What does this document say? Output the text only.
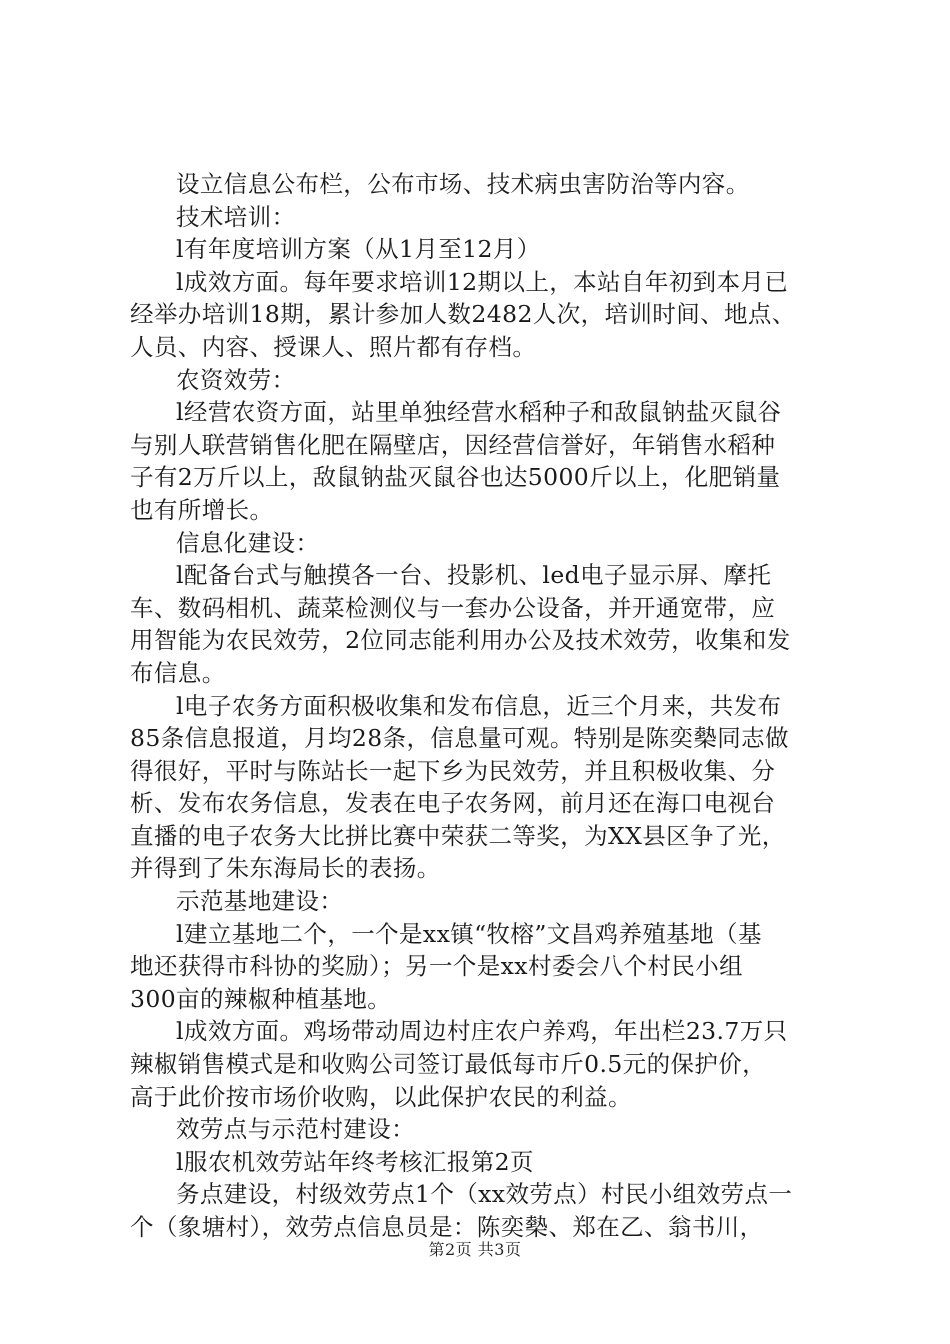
设立信息公布栏，公布市场、技术病虫害防治等内容。
技术培训：
l有年度培训方案（从1月至12月）
l成效方面。每年要求培训12期以上，本站自年初到本月已
经举办培训18期，累计参加人数2482人次，培训时间、地点、
人员、内容、授课人、照片都有存档。
农资效劳：
l经营农资方面，站里单独经营水稻种子和敌鼠钠盐灭鼠谷
与别人联营销售化肥在隔壁店，因经营信誉好，年销售水稻种
子有2万斤以上，敌鼠钠盐灭鼠谷也达5000斤以上，化肥销量
也有所增长。
信息化建设：
l配备台式与触摸各一台、投影机、led电子显示屏、摩托
车、数码相机、蔬菜检测仪与一套办公设备，并开通宽带，应
用智能为农民效劳，2位同志能利用办公及技术效劳，收集和发
布信息。
l电子农务方面积极收集和发布信息，近三个月来，共发布
85条信息报道，月均28条，信息量可观。特别是陈奕槷同志做
得很好，平时与陈站长一起下乡为民效劳，并且积极收集、分
析、发布农务信息，发表在电子农务网，前月还在海口电视台
直播的电子农务大比拼比赛中荣获二等奖，为XX县区争了光，
并得到了朱东海局长的表扬。
示范基地建设：
l建立基地二个，一个是xx镇“牧榕”文昌鸡养殖基地（基
地还获得市科协的奖励）；另一个是xx村委会八个村民小组
300亩的辣椒种植基地。
l成效方面。鸡场带动周边村庄农户养鸡，年出栏23.7万只
辣椒销售模式是和收购公司签订最低每市斤0.5元的保护价，
高于此价按市场价收购，以此保护农民的利益。
效劳点与示范村建设：
l服农机效劳站年终考核汇报第2页
务点建设，村级效劳点1个（xx效劳点）村民小组效劳点一
个（象塘村），效劳点信息员是：陈奕槷、郑在乙、翁书川，
第2页 共3页
